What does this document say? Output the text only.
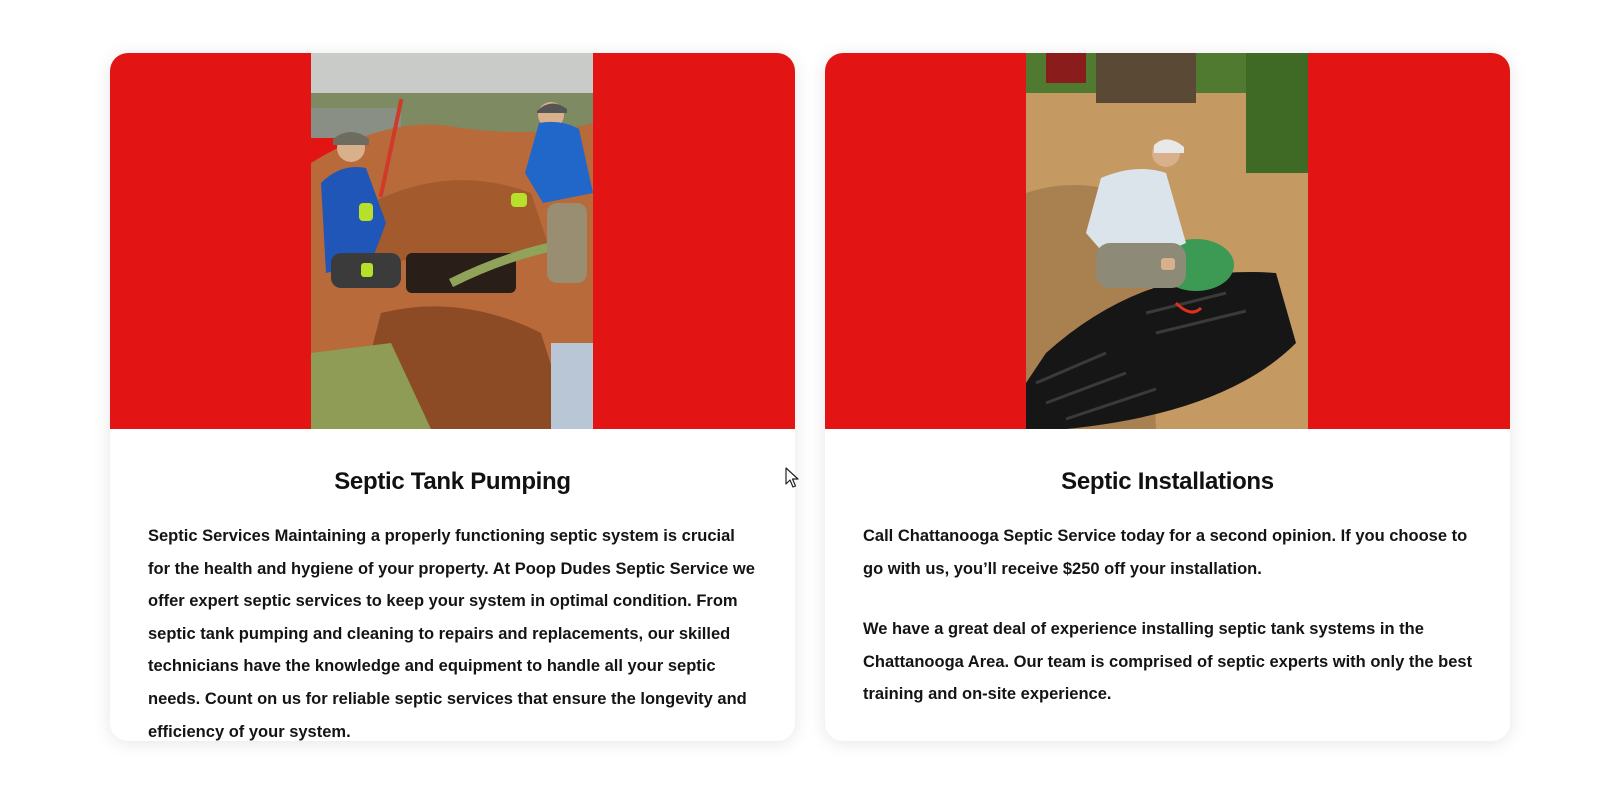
Septic Tank Pumping

Septic Services Maintaining a properly functioning septic system is crucial for the health and hygiene of your property. At Poop Dudes Septic Service we offer expert septic services to keep your system in optimal condition. From septic tank pumping and cleaning to repairs and replacements, our skilled technicians have the knowledge and equipment to handle all your septic needs. Count on us for reliable septic services that ensure the longevity and efficiency of your system.

Septic Installations

Call Chattanooga Septic Service today for a second opinion. If you choose to go with us, you’ll receive $250 off your installation.

We have a great deal of experience installing septic tank systems in the Chattanooga Area. Our team is comprised of septic experts with only the best training and on-site experience.
